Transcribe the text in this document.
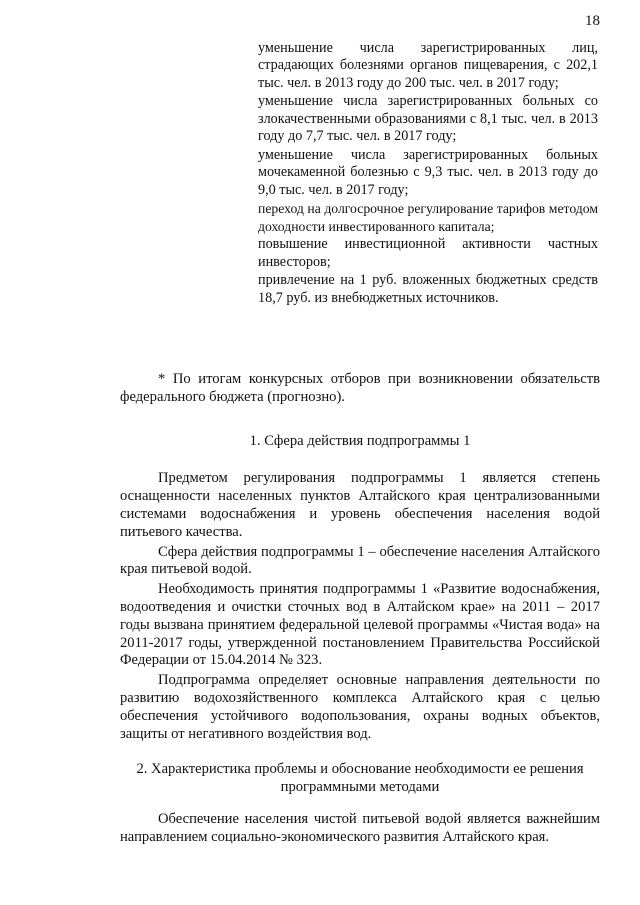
18

уменьшение числа зарегистрированных лиц, страдающих болезнями органов пищеварения, с 202,1 тыс. чел. в 2013 году до 200 тыс. чел. в 2017 году;

уменьшение числа зарегистрированных больных со злокачественными образованиями с 8,1 тыс. чел. в 2013 году до 7,7 тыс. чел. в 2017 году;

уменьшение числа зарегистрированных больных мочекаменной болезнью с 9,3 тыс. чел. в 2013 году до 9,0 тыс. чел. в 2017 году;

переход на долгосрочное регулирование тарифов методом доходности инвестированного капитала;

повышение инвестиционной активности частных инвесторов;

привлечение на 1 руб. вложенных бюджетных средств 18,7 руб. из внебюджетных источников.

* По итогам конкурсных отборов при возникновении обязательств федерального бюджета (прогнозно).

1. Сфера действия подпрограммы 1

Предметом регулирования подпрограммы 1 является степень оснащенности населенных пунктов Алтайского края централизованными системами водоснабжения и уровень обеспечения населения водой питьевого качества.

Сфера действия подпрограммы 1 – обеспечение населения Алтайского края питьевой водой.

Необходимость принятия подпрограммы 1 «Развитие водоснабжения, водоотведения и очистки сточных вод в Алтайском крае» на 2011 – 2017 годы вызвана принятием федеральной целевой программы «Чистая вода» на 2011-2017 годы, утвержденной постановлением Правительства Российской Федерации от 15.04.2014 № 323.

Подпрограмма определяет основные направления деятельности по развитию водохозяйственного комплекса Алтайского края с целью обеспечения устойчивого водопользования, охраны водных объектов, защиты от негативного воздействия вод.

2. Характеристика проблемы и обоснование необходимости ее решения программными методами

Обеспечение населения чистой питьевой водой является важнейшим направлением социально-экономического развития Алтайского края.
